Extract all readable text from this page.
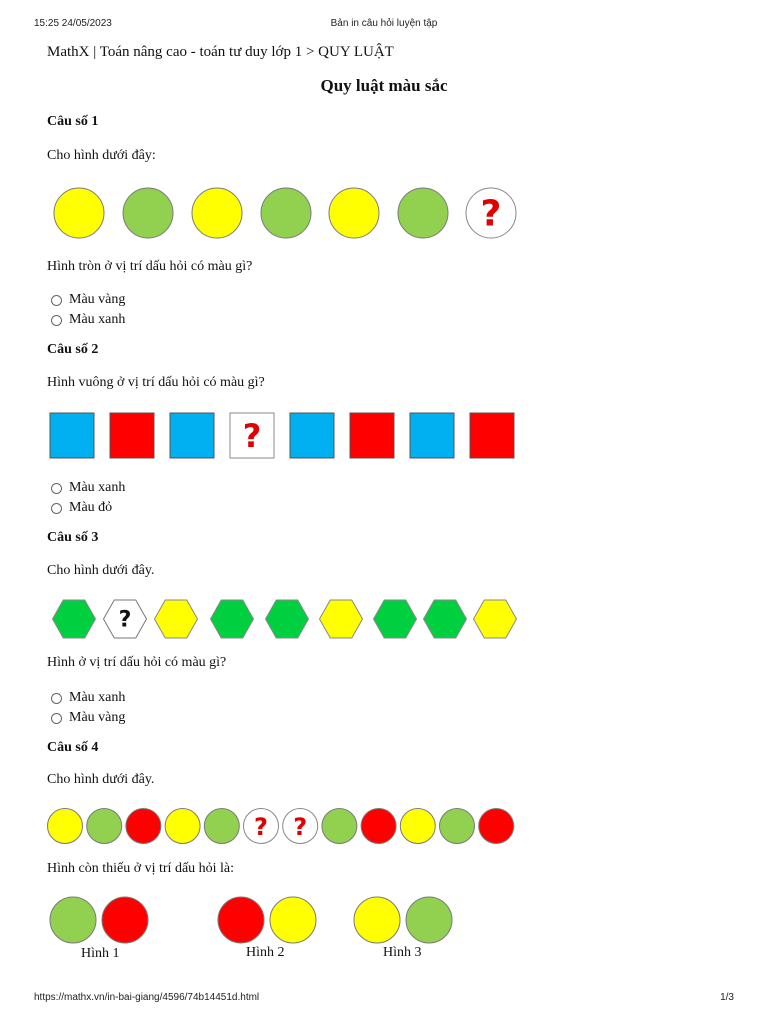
15:25 24/05/2023	Bản in câu hỏi luyện tập
MathX | Toán nâng cao - toán tư duy lớp 1 > QUY LUẬT
Quy luật màu sắc
Câu số 1
Cho hình dưới đây:
?
Hình tròn ở vị trí dấu hỏi có màu gì?
Màu vàng
Màu xanh
Câu số 2
Hình vuông ở vị trí dấu hỏi có màu gì?
?
Màu xanh
Màu đỏ
Câu số 3
Cho hình dưới đây.
?
Hình ở vị trí dấu hỏi có màu gì?
Màu xanh
Màu vàng
Câu số 4
Cho hình dưới đây.
? ?
Hình còn thiếu ở vị trí dấu hỏi là:
Hình 1	Hình 2	Hình 3
https://mathx.vn/in-bai-giang/4596/74b14451d.html	1/3
